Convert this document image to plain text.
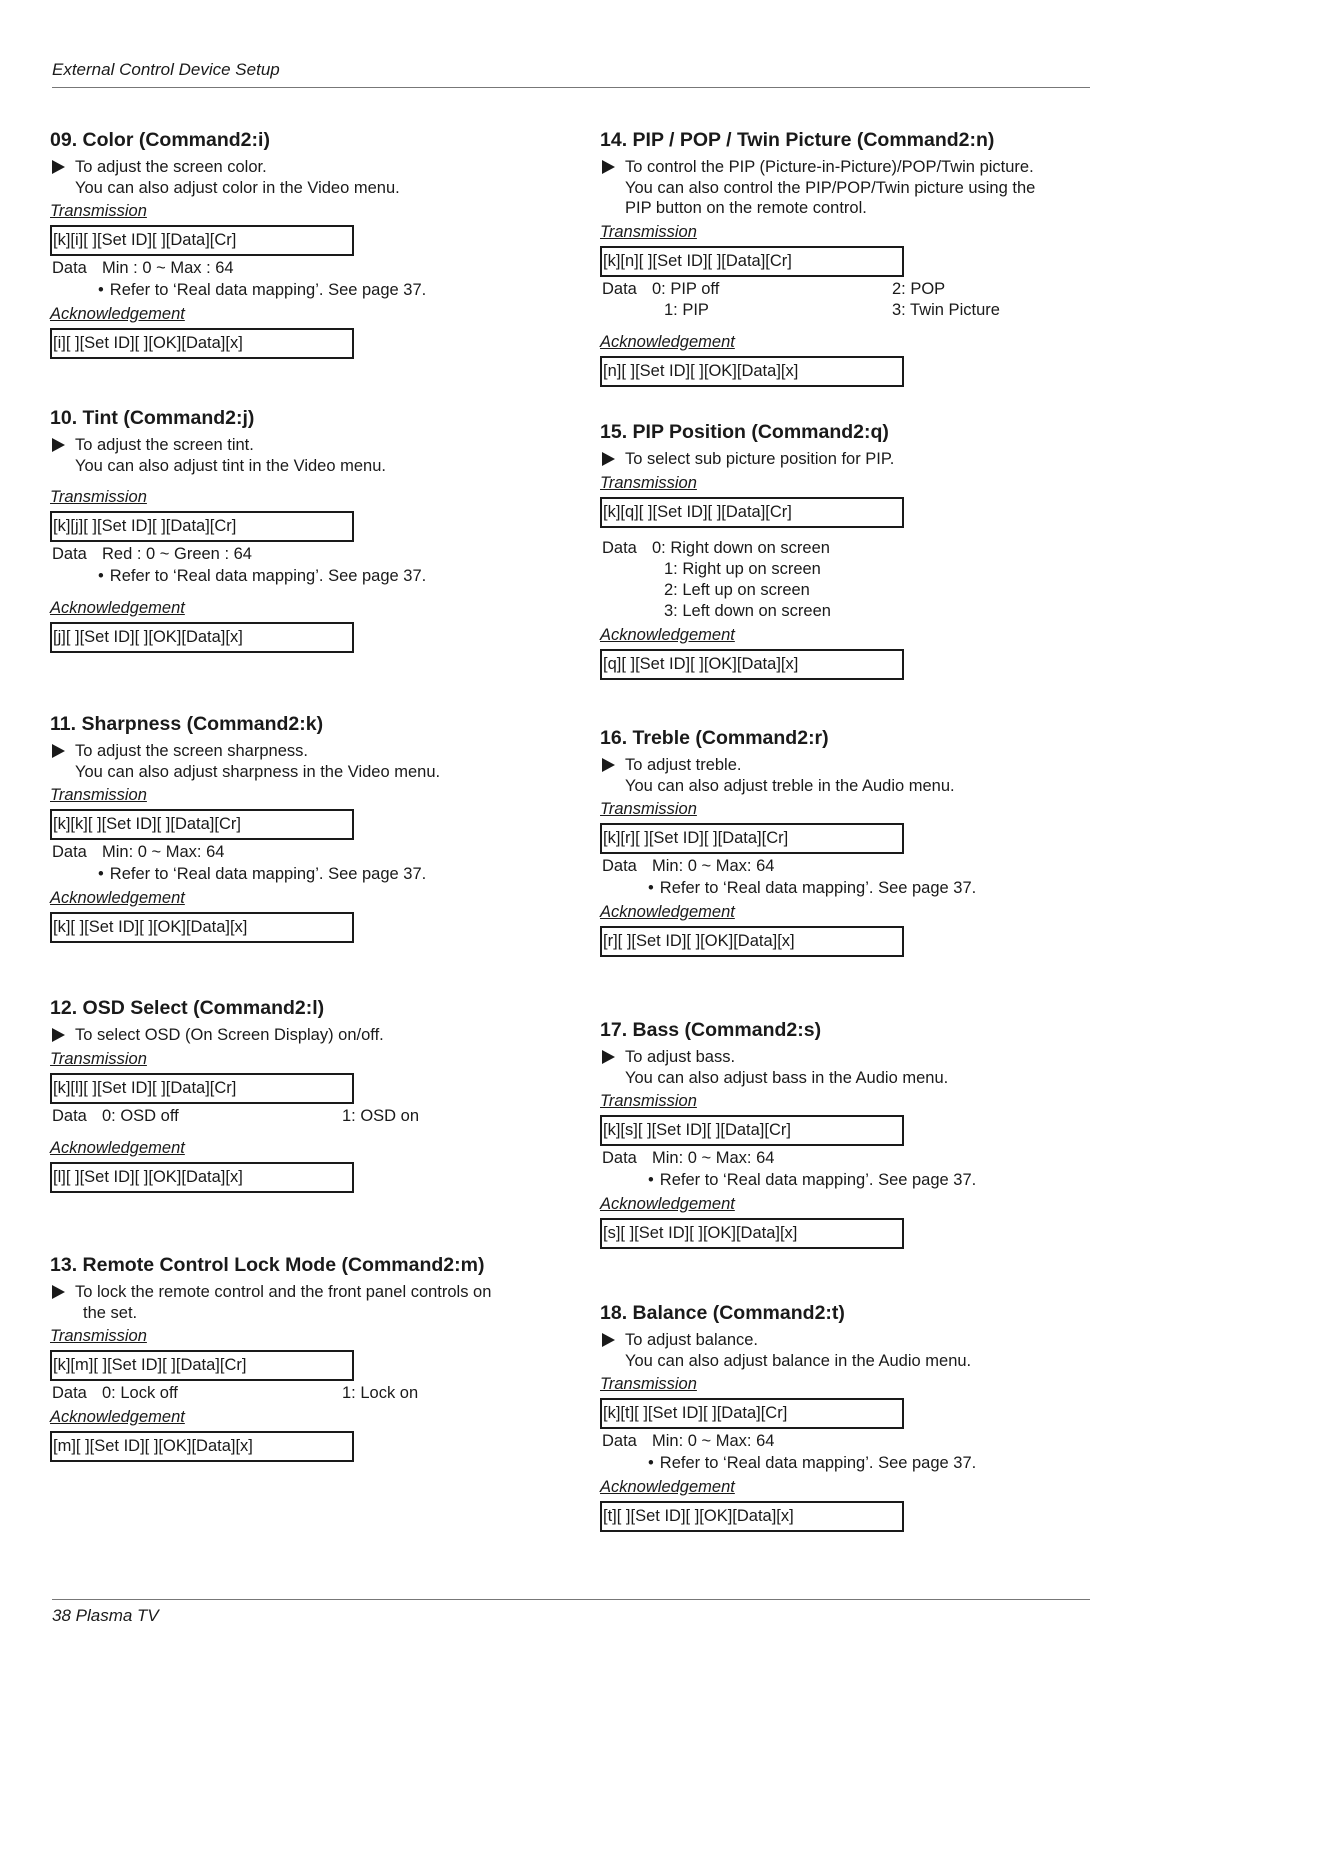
External Control Device Setup
09. Color (Command2:i)
To adjust the screen color.
You can also adjust color in the Video menu.
Transmission
[k][i][ ][Set ID][ ][Data][Cr]
Data Min : 0 ~ Max : 64
• Refer to ‘Real data mapping’. See page 37.
Acknowledgement
[i][ ][Set ID][ ][OK][Data][x]
10. Tint (Command2:j)
To adjust the screen tint.
You can also adjust tint in the Video menu.
Transmission
[k][j][ ][Set ID][ ][Data][Cr]
Data Red : 0 ~ Green : 64
• Refer to ‘Real data mapping’. See page 37.
Acknowledgement
[j][ ][Set ID][ ][OK][Data][x]
11. Sharpness (Command2:k)
To adjust the screen sharpness.
You can also adjust sharpness in the Video menu.
Transmission
[k][k][ ][Set ID][ ][Data][Cr]
Data Min: 0 ~ Max: 64
• Refer to ‘Real data mapping’. See page 37.
Acknowledgement
[k][ ][Set ID][ ][OK][Data][x]
12. OSD Select (Command2:l)
To select OSD (On Screen Display) on/off.
Transmission
[k][l][ ][Set ID][ ][Data][Cr]
Data 0: OSD off	1: OSD on
Acknowledgement
[l][ ][Set ID][ ][OK][Data][x]
13. Remote Control Lock Mode (Command2:m)
To lock the remote control and the front panel controls on
the set.
Transmission
[k][m][ ][Set ID][ ][Data][Cr]
Data 0: Lock off	1: Lock on
Acknowledgement
[m][ ][Set ID][ ][OK][Data][x]
14. PIP / POP / Twin Picture (Command2:n)
To control the PIP (Picture-in-Picture)/POP/Twin picture.
You can also control the PIP/POP/Twin picture using the
PIP button on the remote control.
Transmission
[k][n][ ][Set ID][ ][Data][Cr]
Data 0: PIP off	2: POP
1: PIP	3: Twin Picture
Acknowledgement
[n][ ][Set ID][ ][OK][Data][x]
15. PIP Position (Command2:q)
To select sub picture position for PIP.
Transmission
[k][q][ ][Set ID][ ][Data][Cr]
Data 0: Right down on screen
1: Right up on screen
2: Left up on screen
3: Left down on screen
Acknowledgement
[q][ ][Set ID][ ][OK][Data][x]
16. Treble (Command2:r)
To adjust treble.
You can also adjust treble in the Audio menu.
Transmission
[k][r][ ][Set ID][ ][Data][Cr]
Data Min: 0 ~ Max: 64
• Refer to ‘Real data mapping’. See page 37.
Acknowledgement
[r][ ][Set ID][ ][OK][Data][x]
17. Bass (Command2:s)
To adjust bass.
You can also adjust bass in the Audio menu.
Transmission
[k][s][ ][Set ID][ ][Data][Cr]
Data Min: 0 ~ Max: 64
• Refer to ‘Real data mapping’. See page 37.
Acknowledgement
[s][ ][Set ID][ ][OK][Data][x]
18. Balance (Command2:t)
To adjust balance.
You can also adjust balance in the Audio menu.
Transmission
[k][t][ ][Set ID][ ][Data][Cr]
Data Min: 0 ~ Max: 64
• Refer to ‘Real data mapping’. See page 37.
Acknowledgement
[t][ ][Set ID][ ][OK][Data][x]
38 Plasma TV
